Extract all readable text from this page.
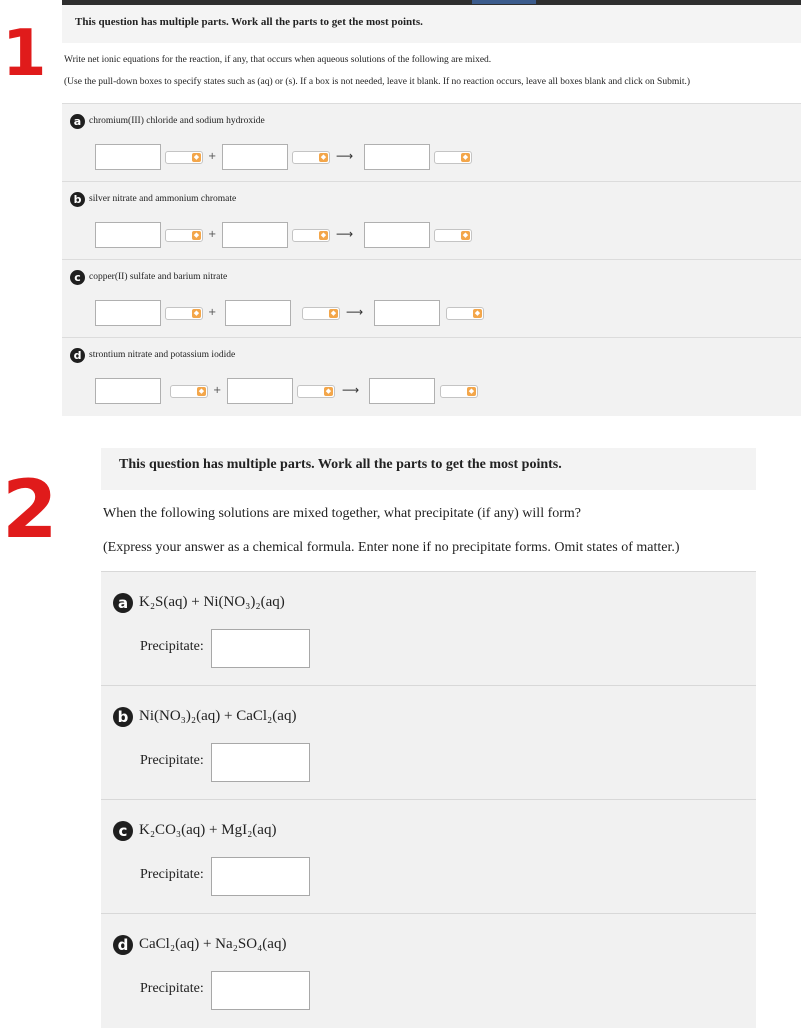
1
2
This question has multiple parts. Work all the parts to get the most points.
Write net ionic equations for the reaction, if any, that occurs when aqueous solutions of the following are mixed.
(Use the pull-down boxes to specify states such as (aq) or (s). If a box is not needed, leave it blank. If no reaction occurs, leave all boxes blank and click on Submit.)
a chromium(III) chloride and sodium hydroxide
◆ +	◆ ⟶	◆
b silver nitrate and ammonium chromate
◆ +	◆ ⟶	◆
c copper(II) sulfate and barium nitrate
◆ +	◆ ⟶	◆
d strontium nitrate and potassium iodide
◆ +	◆ ⟶	◆
This question has multiple parts. Work all the parts to get the most points.
When the following solutions are mixed together, what precipitate (if any) will form?
(Express your answer as a chemical formula. Enter none if no precipitate forms. Omit states of matter.)
a K₂S(aq) + Ni(NO₃)₂(aq)
Precipitate:
b Ni(NO₃)₂(aq) + CaCl₂(aq)
Precipitate:
c K₂CO₃(aq) + MgI₂(aq)
Precipitate:
d CaCl₂(aq) + Na₂SO₄(aq)
Precipitate:
